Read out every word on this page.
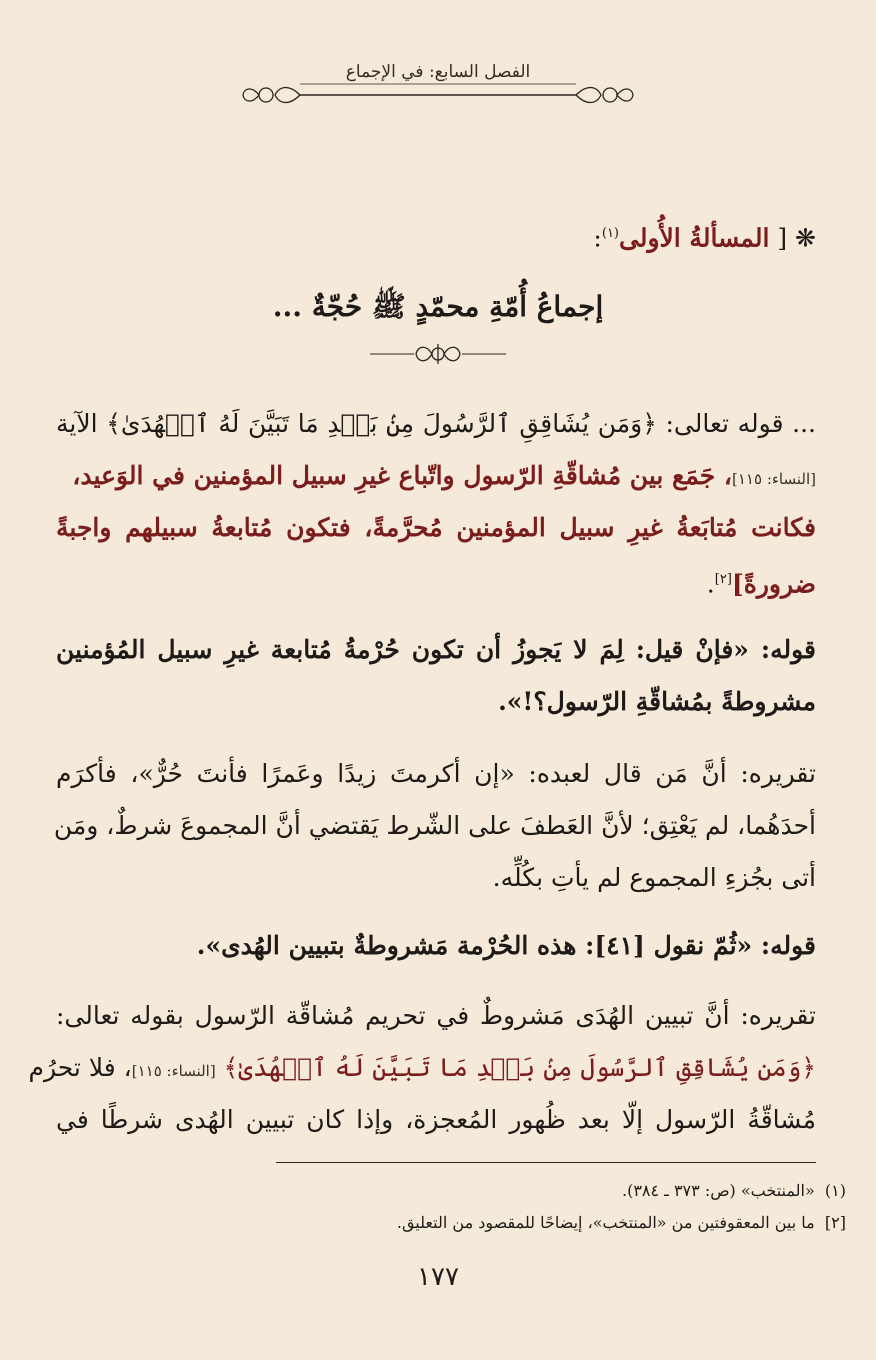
الفصل السابع: في الإجماع
❋ [ المسألةُ الأُولى$^{(١)}$:
إجماعُ أُمّةِ محمّدٍ ﷺ حُجّةٌ ...
... قوله تعالى: ﴿وَمَن يُشَاقِقِ ٱلرَّسُولَ مِنۢ بَعۡدِ مَا تَبَيَّنَ لَهُ ٱلۡهُدَىٰ﴾ الآية
[النساء: ١١٥]، جَمَع بين مُشاقّةِ الرّسول واتّباع غيرِ سبيل المؤمنين في الوَعيد،
فكانت مُتابَعةُ غيرِ سبيل المؤمنين مُحرَّمةً، فتكون مُتابعةُ سبيلهم واجبةً
ضرورةً][٢].
قوله: «فإنْ قيل: لِمَ لا يَجوزُ أن تكون حُرْمةُ مُتابعة غيرِ سبيل المُؤمنين
مشروطةً بمُشاقّةِ الرّسول؟!».
تقريره: أنَّ مَن قال لعبده: «إن أكرمتَ زيدًا وعَمرًا فأنتَ حُرٌّ»، فأكرَم
أحدَهُما، لم يَعْتِق؛ لأنَّ العَطفَ على الشّرط يَقتضي أنَّ المجموعَ شرطٌ، ومَن
أتى بجُزءِ المجموع لم يأتِ بكُلِّه.
قوله: «ثُمّ نقول [٤١]: هذه الحُرْمة مَشروطةٌ بتبيين الهُدى».
تقريره: أنَّ تبيين الهُدَى مَشروطٌ في تحريم مُشاقّة الرّسول بقوله تعالى:
﴿وَمَن يُشَاقِقِ ٱلرَّسُولَ مِنۢ بَعۡدِ مَا تَبَيَّنَ لَهُ ٱلۡهُدَىٰ﴾ [النساء: ١١٥]، فلا تحرُم
مُشاقّةُ الرّسول إلّا بعد ظُهور المُعجزة، وإذا كان تبيين الهُدى شرطًا في
(١)  «المنتخب» (ص: ٣٧٣ ـ ٣٨٤).
[٢]  ما بين المعقوفتين من «المنتخب»، إيضاحًا للمقصود من التعليق.
١٧٧
